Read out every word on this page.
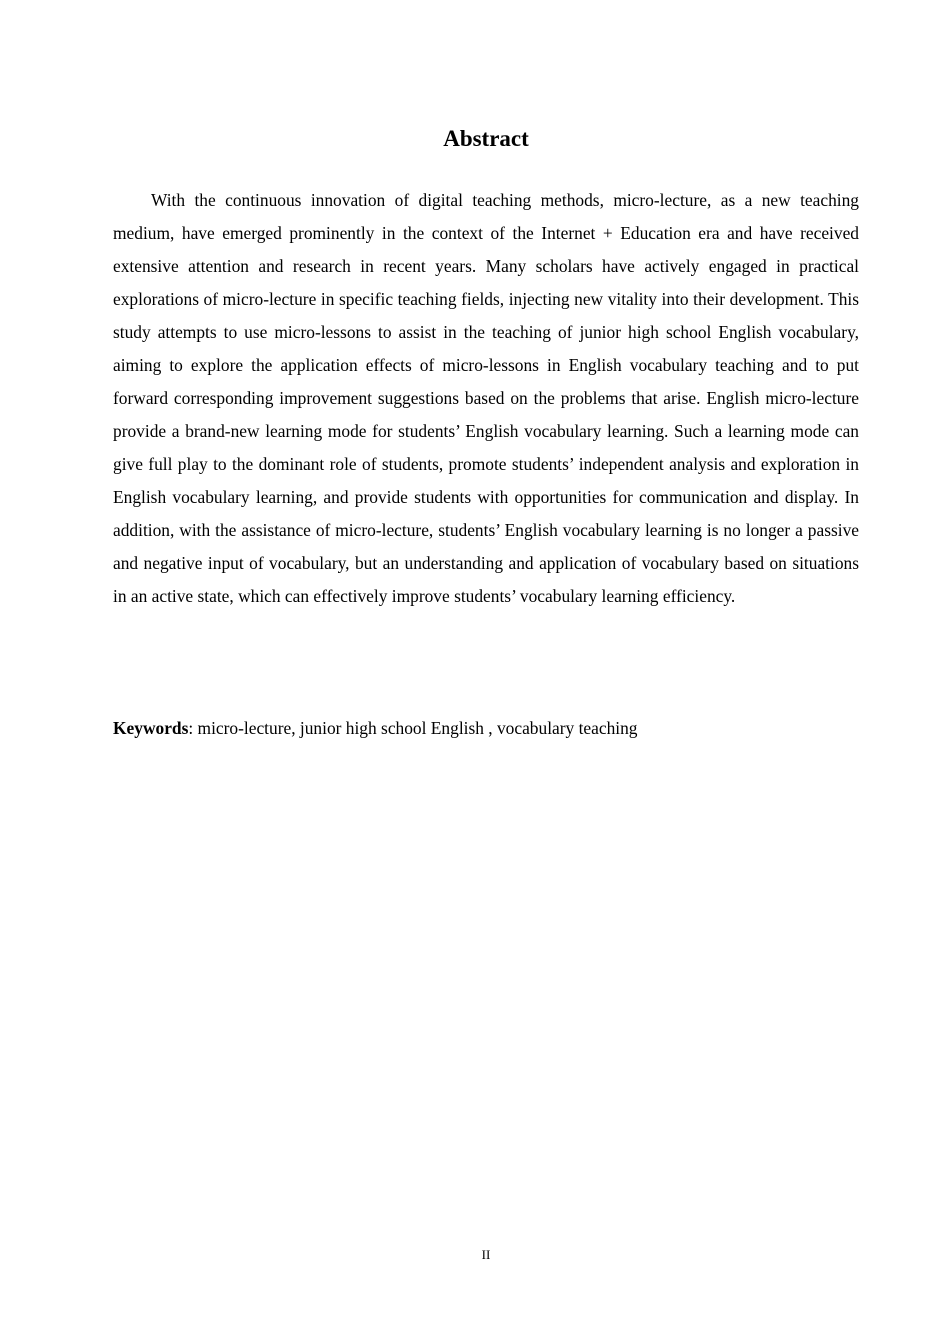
Abstract

With the continuous innovation of digital teaching methods, micro-lecture, as a new teaching medium, have emerged prominently in the context of the Internet + Education era and have received extensive attention and research in recent years. Many scholars have actively engaged in practical explorations of micro-lecture in specific teaching fields, injecting new vitality into their development. This study attempts to use micro-lessons to assist in the teaching of junior high school English vocabulary, aiming to explore the application effects of micro-lessons in English vocabulary teaching and to put forward corresponding improvement suggestions based on the problems that arise. English micro-lecture provide a brand-new learning mode for students’ English vocabulary learning. Such a learning mode can give full play to the dominant role of students, promote students’ independent analysis and exploration in English vocabulary learning, and provide students with opportunities for communication and display. In addition, with the assistance of micro-lecture, students’ English vocabulary learning is no longer a passive and negative input of vocabulary, but an understanding and application of vocabulary based on situations in an active state, which can effectively improve students’ vocabulary learning efficiency.

Keywords: micro-lecture, junior high school English , vocabulary teaching

II
